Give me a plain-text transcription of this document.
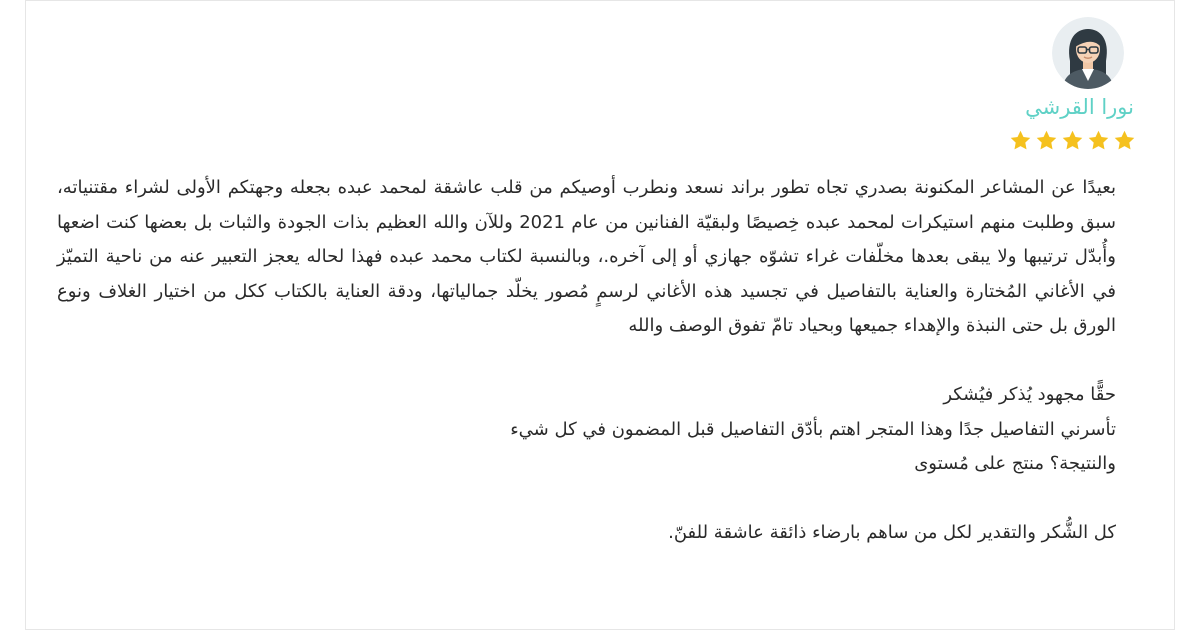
نورا القرشي

بعيدًا عن المشاعر المكنونة بصدري تجاه تطور براند نسعد ونطرب أوصيكم من قلب عاشقة لمحمد عبده بجعله وجهتكم الأولى لشراء مقتنياته، سبق وطلبت منهم استيكرات لمحمد عبده خِصيصًا ولبقيّة الفنانين من عام 2021 وللآن والله العظيم بذات الجودة والثبات بل بعضها كنت اضعها وأُبدّل ترتيبها ولا يبقى بعدها مخلّفات غراء تشوّه جهازي أو إلى آخره.، وبالنسبة لكتاب محمد عبده فهذا لحاله يعجز التعبير عنه من ناحية التميّز في الأغاني المُختارة والعناية بالتفاصيل في تجسيد هذه الأغاني لرسمٍ مُصور يخلّد جمالياتها، ودقة العناية بالكتاب ككل من اختيار الغلاف ونوع الورق بل حتى النبذة والإهداء جميعها وبحياد تامّ تفوق الوصف والله

حقًّا مجهود يُذكر فيُشكر

تأسرني التفاصيل جدًا وهذا المتجر اهتم بأدّق التفاصيل قبل المضمون في كل شيء

والنتيجة؟ منتج على مُستوى

كل الشُّكر والتقدير لكل من ساهم بارضاء ذائقة عاشقة للفنّ.
